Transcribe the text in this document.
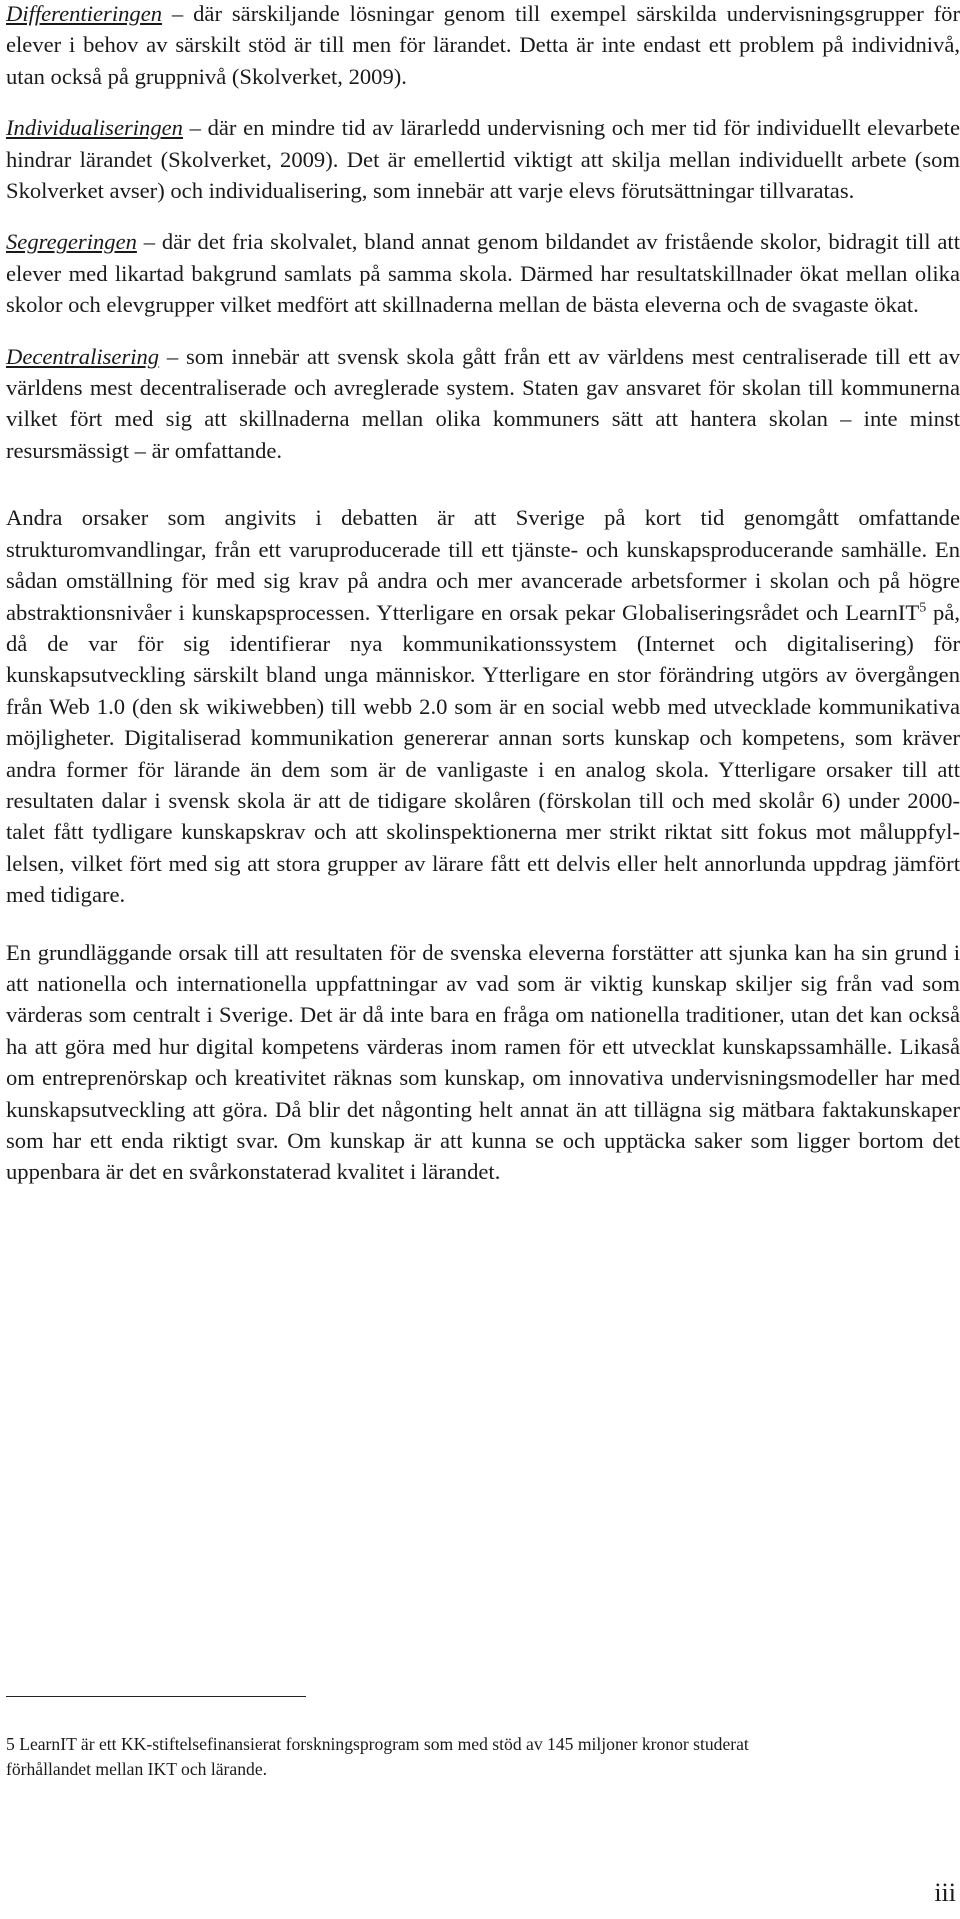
Differentieringen – där särskiljande lösningar genom till exempel särskilda undervisningsgrupper för elever i behov av särskilt stöd är till men för lärandet. Detta är inte endast ett problem på individnivå, utan också på gruppnivå (Skolverket, 2009).

Individualiseringen – där en mindre tid av lärarledd undervisning och mer tid för individuellt elevarbete hindrar lärandet (Skolverket, 2009). Det är emellertid viktigt att skilja mellan individuellt arbete (som Skolverket avser) och individualisering, som innebär att varje elevs förutsättningar tillvaratas.

Segregeringen – där det fria skolvalet, bland annat genom bildandet av fristående skolor, bidragit till att elever med likartad bakgrund samlats på samma skola. Därmed har resultatskillnader ökat mellan olika skolor och elevgrupper vilket medfört att skillnaderna mellan de bästa eleverna och de svagaste ökat.

Decentralisering – som innebär att svensk skola gått från ett av världens mest centraliserade till ett av världens mest decentraliserade och avreglerade system. Staten gav ansvaret för skolan till kommunerna vilket fört med sig att skillnaderna mellan olika kommuners sätt att hantera skolan – inte minst resursmässigt – är omfattande.

Andra orsaker som angivits i debatten är att Sverige på kort tid genomgått omfattande strukturomvandlingar, från ett varuproducerade till ett tjänste- och kunskapsproducerande samhälle. En sådan omställning för med sig krav på andra och mer avancerade arbetsformer i skolan och på högre abstraktionsnivåer i kunskapsprocessen. Ytterligare en orsak pekar Globaliseringsrådet och LearnIT$^5$ på, då de var för sig identifierar nya kommunikationssystem (Internet och digitalisering) för kunskapsutveckling särskilt bland unga människor. Ytterligare en stor förändring utgörs av övergången från Web 1.0 (den sk wikiwebben) till webb 2.0 som är en social webb med utvecklade kommunikativa möjligheter. Digitaliserad kommunikation genererar annan sorts kunskap och kompetens, som kräver andra former för lärande än dem som är de vanligaste i en analog skola. Ytterligare orsaker till att resultaten dalar i svensk skola är att de tidigare skolåren (förskolan till och med skolår 6) under 2000-talet fått tydligare kunskapskrav och att skolinspektionerna mer strikt riktat sitt fokus mot måluppfyllelsen, vilket fört med sig att stora grupper av lärare fått ett delvis eller helt annorlunda uppdrag jämfört med tidigare.

En grundläggande orsak till att resultaten för de svenska eleverna forstätter att sjunka kan ha sin grund i att nationella och internationella uppfattningar av vad som är viktig kunskap skiljer sig från vad som värderas som centralt i Sverige. Det är då inte bara en fråga om nationella traditioner, utan det kan också ha att göra med hur digital kompetens värderas inom ramen för ett utvecklat kunskapssamhälle. Likaså om entreprenörskap och kreativitet räknas som kunskap, om innovativa undervisningsmodeller har med kunskapsutveckling att göra. Då blir det någonting helt annat än att tillägna sig mätbara faktakunskaper som har ett enda riktigt svar. Om kunskap är att kunna se och upptäcka saker som ligger bortom det uppenbara är det en svårkonstaterad kvalitet i lärandet.

5 LearnIT är ett KK-stiftelsefinansierat forskningsprogram som med stöd av 145 miljoner kronor studerat förhållandet mellan IKT och lärande.
iii
